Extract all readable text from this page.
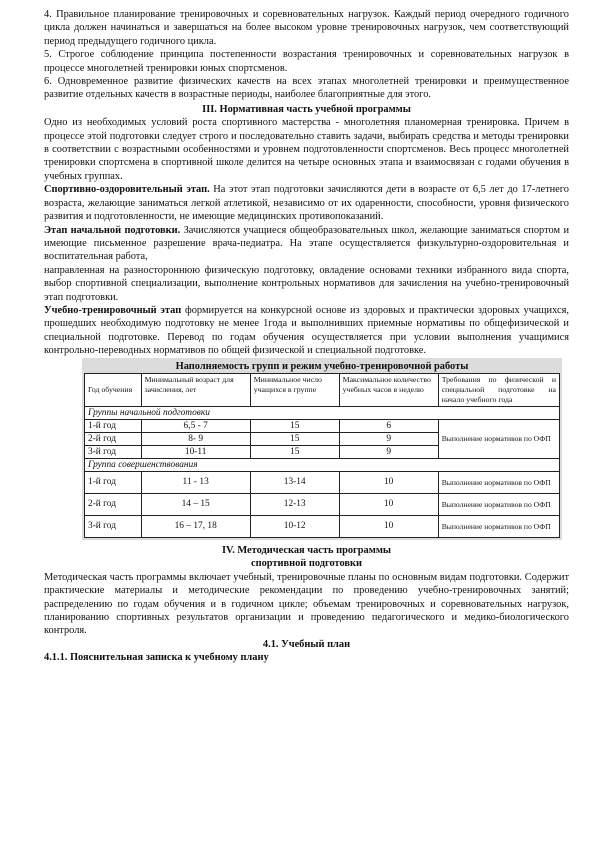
4. Правильное планирование тренировочных и соревновательных нагрузок. Каждый период очередного годичного цикла должен начинаться и завершаться на более высоком уровне тренировочных нагрузок, чем соответствующий период предыдущего годичного цикла.

5. Строгое соблюдение принципа постепенности возрастания тренировочных и соревновательных нагрузок в процессе многолетней тренировки юных спортсменов.

6. Одновременное развитие физических качеств на всех этапах многолетней тренировки и преимущественное развитие отдельных качеств в возрастные периоды, наиболее благоприятные для этого.

III. Нормативная часть учебной программы

Одно из необходимых условий роста спортивного мастерства - многолетняя планомерная тренировка. Причем в процессе этой подготовки следует строго и последовательно ставить задачи, выбирать средства и методы тренировки в соответствии с возрастными особенностями и уровнем подготовленности спортсменов. Весь процесс многолетней тренировки спортсмена в спортивной школе делится на четыре основных этапа и взаимосвязан с годами обучения в учебных группах.

Спортивно-оздоровительный этап. На этот этап подготовки зачисляются дети в возрасте от 6,5 лет до 17-летнего возраста, желающие заниматься легкой атлетикой, независимо от их одаренности, способности, уровня физического развития и подготовленности, не имеющие медицинских противопоказаний.

Этап начальной подготовки. Зачисляются учащиеся общеобразовательных школ, желающие заниматься спортом и имеющие письменное разрешение врача-педиатра. На этапе осуществляется физкультурно-оздоровительная и воспитательная работа,

направленная на разностороннюю физическую подготовку, овладение основами техники избранного вида спорта, выбор спортивной специализации, выполнение контрольных нормативов для зачисления на учебно-тренировочный этап подготовки.

Учебно-тренировочный этап формируется на конкурсной основе из здоровых и практически здоровых учащихся, прошедших необходимую подготовку не менее 1года и выполнивших приемные нормативы по общефизической и специальной подготовке. Перевод по годам обучения осуществляется при условии выполнения учащимися контрольно-переводных нормативов по общей физической и специальной подготовке.

Наполняемость групп и режим учебно-тренировочной работы

Год обучения	Минимальный возраст для зачисления, лет	Минимальное число учащихся в группе	Максимальное количество учебных часов в неделю	Требования по физической и специальной подготовке на начало учебного года
Группы начальной подготовки				
1-й год	6,5 - 7	15	6	Выполнение нормативов по ОФП
2-й год	8- 9	15	9	
3-й год	10-11	15	9	
Группа совершенствования				
1-й год	11 - 13	13-14	10	Выполнение нормативов по ОФП
2-й год	14 – 15	12-13	10	Выполнение нормативов по ОФП
3-й год	16 – 17, 18	10-12	10	Выполнение нормативов по ОФП

IV. Методическая часть программы

спортивной подготовки

Методическая часть программы включает учебный, тренировочные планы по основным видам подготовки. Содержит практические материалы и методические рекомендации по проведению учебно-тренировочных занятий; распределению по годам обучения и в годичном цикле; объемам тренировочных и соревновательных нагрузок, планированию спортивных результатов организации и проведению педагогического и медико-биологического контроля.

4.1. Учебный план

4.1.1. Пояснительная записка к учебному плану
